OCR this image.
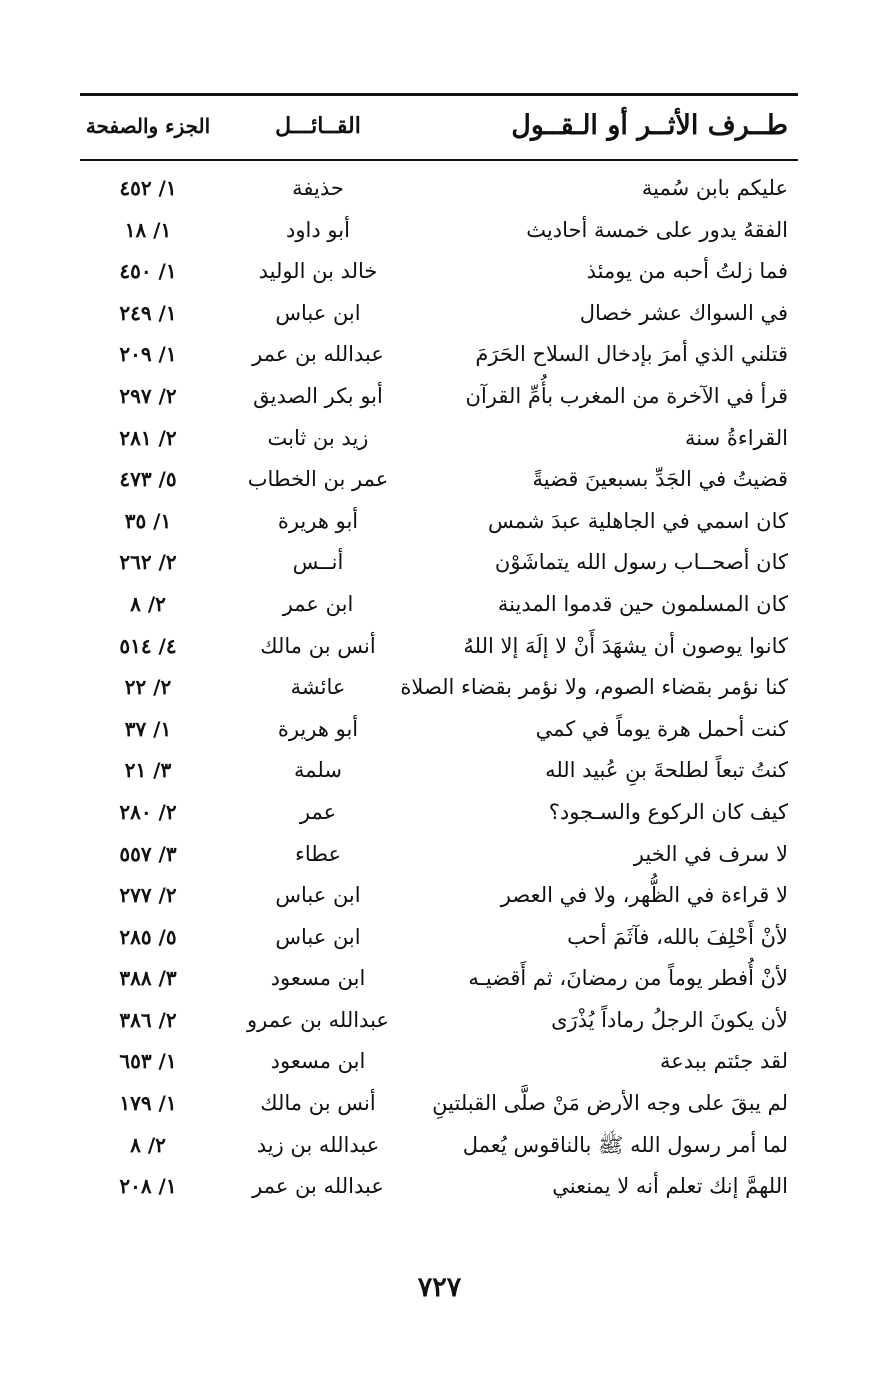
طــرف الأثــر أو الـقــول
القــائـــل
الجزء والصفحة
عليكم بابن سُمية
حذيفة
١/ ٤٥٢
الفقهُ يدور على خمسة أحاديث
أبو داود
١/ ١٨
فما زلتُ أحبه من يومئذ
خالد بن الوليد
١/ ٤٥٠
في السواك عشر خصال
ابن عباس
١/ ٢٤٩
قتلني الذي أمرَ بإدخال السلاح الحَرَمَ
عبدالله بن عمر
١/ ٢٠٩
قرأ في الآخرة من المغرب بأُمِّ القرآن
أبو بكر الصديق
٢/ ٢٩٧
القراءةُ سنة
زيد بن ثابت
٢/ ٢٨١
قضيتُ في الجَدِّ بسبعينَ قضيةً
عمر بن الخطاب
٥/ ٤٧٣
كان اسمي في الجاهلية عبدَ شمس
أبو هريرة
١/ ٣٥
كان أصحــاب رسول الله يتماشَوْن
أنــس
٢/ ٢٦٢
كان المسلمون حين قدموا المدينة
ابن عمر
٢/ ٨
كانوا يوصون أن يشهَدَ أَنْ لا إلَهَ إلا اللهُ
أنس بن مالك
٤/ ٥١٤
كنا نؤمر بقضاء الصوم، ولا نؤمر بقضاء الصلاة
عائشة
٢/ ٢٢
كنت أحمل هرة يوماً في كمي
أبو هريرة
١/ ٣٧
كنتُ تبعاً لطلحةَ بنِ عُبيد الله
سلمة
٣/ ٢١
كيف كان الركوع والسـجود؟
عمر
٢/ ٢٨٠
لا سرف في الخير
عطاء
٣/ ٥٥٧
لا قراءة في الظُّهر، ولا في العصر
ابن عباس
٢/ ٢٧٧
لأنْ أَحْلِفَ بالله، فآثَمَ أحب
ابن عباس
٥/ ٢٨٥
لأنْ أُفطر يوماً من رمضانَ، ثم أَقضيـه
ابن مسعود
٣/ ٣٨٨
لأن يكونَ الرجلُ رماداً يُذْرَى
عبدالله بن عمرو
٢/ ٣٨٦
لقد جئتم ببدعة
ابن مسعود
١/ ٦٥٣
لم يبقَ على وجه الأرض مَنْ صلَّى القبلتينِ
أنس بن مالك
١/ ١٧٩
لما أمر رسول الله ﷺ بالناقوس يُعمل
عبدالله بن زيد
٢/ ٨
اللهمَّ إنك تعلم أنه لا يمنعني
عبدالله بن عمر
١/ ٢٠٨
٧٢٧
